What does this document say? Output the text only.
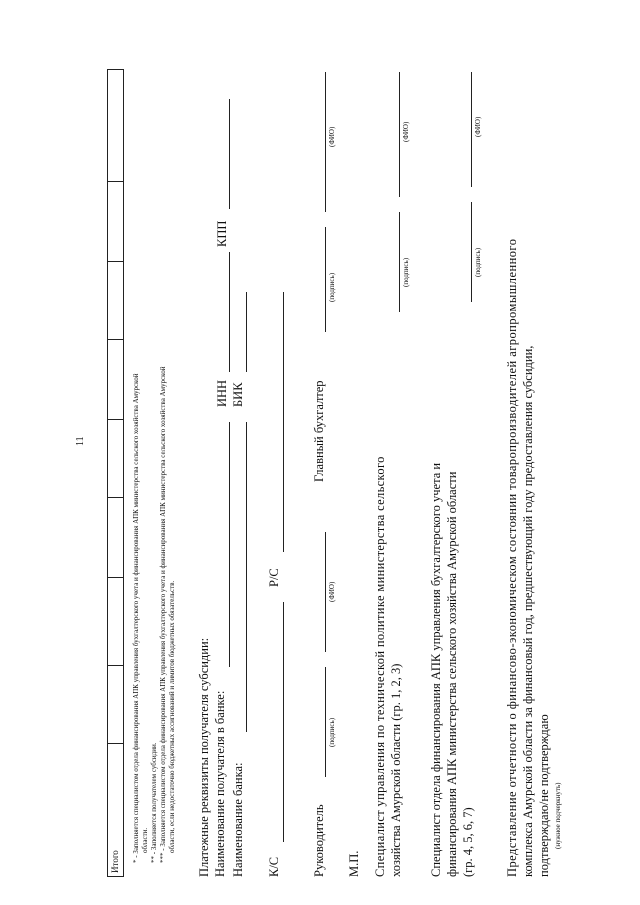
11
Итого	* - Заполняется специалистом отдела финансирования АПК управления бухгалтерского учета и финансирования АПК министерства сельского хозяйства Амурской области. ** - Заполняется получателем субсидии. *** - Заполняется специалистом отдела финансирования АПК управления бухгалтерского учета и финансирования АПК министерства сельского хозяйства Амурской области, если недостаточно бюджетных ассигнований и лимитов бюджетных обязательств. Платежные реквизиты получателя субсидии: Наименование получателя в банке: Наименование банка:
ИНН
КПП
БИК
К/С
Р/С
Руководитель
(подпись)
(ФИО)
Главный бухгалтер
(подпись)
(ФИО)
М.П. Специалист управления по технической политике министерства сельского хозяйства Амурской области (гр. 1, 2, 3)
(подпись)
(ФИО)
Специалист отдела финансирования АПК управления бухгалтерского учета и финансирования АПК министерства сельского хозяйства Амурской области (гр. 4, 5, 6, 7)
(подпись)
(ФИО)
Представление отчетности о финансово-экономическом состоянии товаропроизводителей агропромышленного комплекса Амурской области за финансовый год, предшествующий году предоставления субсидии, подтверждаю/не подтверждаю (нужное подчеркнуть)
